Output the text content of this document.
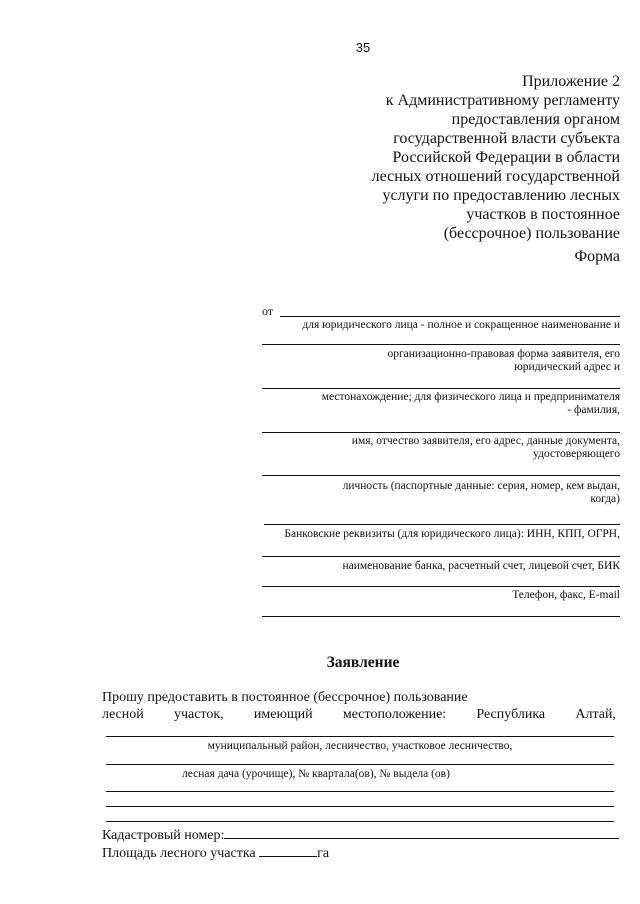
35
Приложение 2
к Административному регламенту
предоставления органом
государственной власти субъекта
Российской Федерации в области
лесных отношений государственной
услуги по предоставлению лесных
участков в постоянное
(бессрочное) пользование
Форма
от
для юридического лица - полное и сокращенное наименование и
организационно-правовая форма заявителя, его юридический адрес и
местонахождение; для физического лица и предпринимателя - фамилия,
имя, отчество заявителя, его адрес, данные документа, удостоверяющего
личность (паспортные данные: серия, номер, кем выдан, когда)
Банковские реквизиты (для юридического лица): ИНН, КПП, ОГРН,
наименование банка, расчетный счет, лицевой счет, БИК
Телефон, факс, E-mail
Заявление
Прошу предоставить в постоянное (бессрочное) пользование
лесной участок, имеющий местоположение: Республика Алтай,
муниципальный район, лесничество, участковое лесничество,
лесная дача (урочище), № квартала(ов), № выдела (ов)
Кадастровый номер:
Площадь лесного участка	га
